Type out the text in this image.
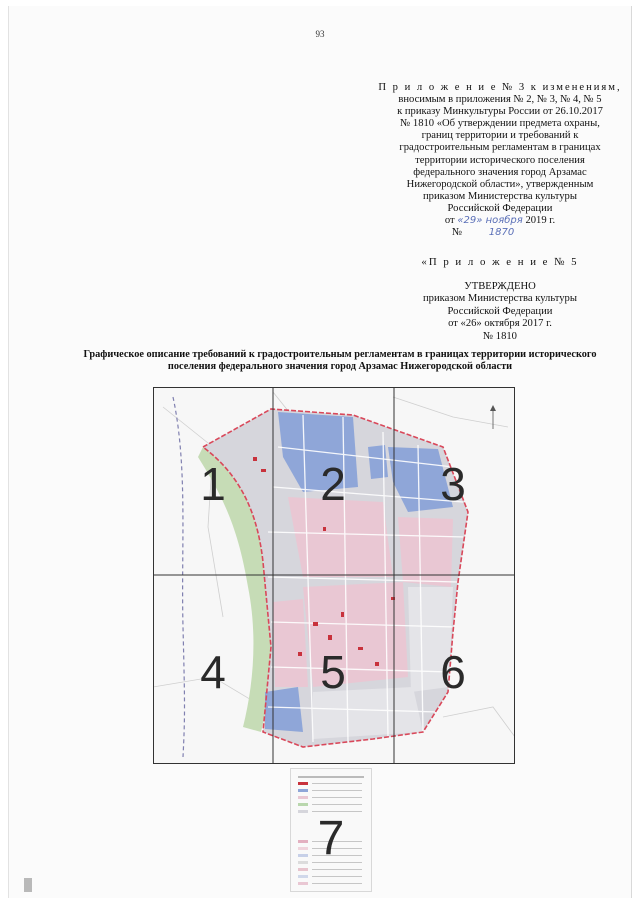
93
П р и л о ж е н и е № 3 к изменениям,
вносимым в приложения № 2, № 3, № 4, № 5
к приказу Минкультуры России от 26.10.2017
№ 1810 «Об утверждении предмета охраны,
границ территории и требований к
градостроительным регламентам в границах
территории исторического поселения
федерального значения город Арзамас
Нижегородской области», утвержденным
приказом Министерства культуры
Российской Федерации
от «29» ноября 2019 г.
№	1870
«П р и л о ж е н и е № 5
УТВЕРЖДЕНО
приказом Министерства культуры
Российской Федерации
от «26» октября 2017 г.
№ 1810
Графическое описание требований к градостроительным регламентам в границах территории исторического
поселения федерального значения город Арзамас Нижегородской области
1 2 3
4 5 6
7
